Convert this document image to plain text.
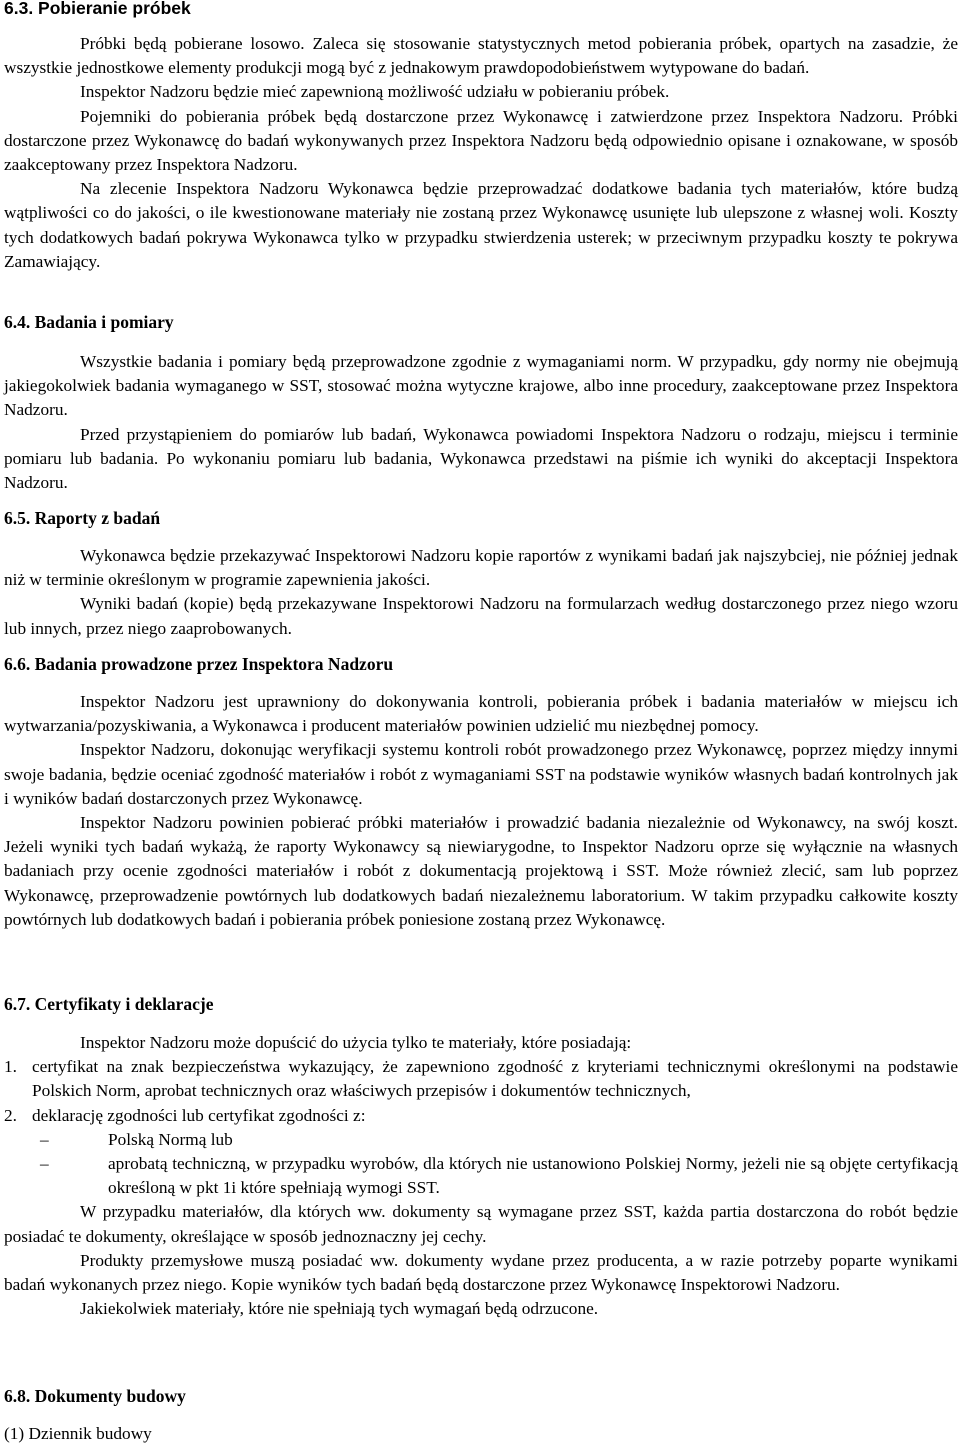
6.3. Pobieranie próbek

Próbki będą pobierane losowo. Zaleca się stosowanie statystycznych metod pobierania próbek, opartych na zasadzie, że wszystkie jednostkowe elementy produkcji mogą być z jednakowym prawdopodobieństwem wytypowane do badań.

Inspektor Nadzoru będzie mieć zapewnioną możliwość udziału w pobieraniu próbek.

Pojemniki do pobierania próbek będą dostarczone przez Wykonawcę i zatwierdzone przez Inspektora Nadzoru. Próbki dostarczone przez Wykonawcę do badań wykonywanych przez Inspektora Nadzoru będą odpowiednio opisane i oznakowane, w sposób zaakceptowany przez Inspektora Nadzoru.

Na zlecenie Inspektora Nadzoru Wykonawca będzie przeprowadzać dodatkowe badania tych materiałów, które budzą wątpliwości co do jakości, o ile kwestionowane materiały nie zostaną przez Wykonawcę usunięte lub ulepszone z własnej woli. Koszty tych dodatkowych badań pokrywa Wykonawca tylko w przypadku stwierdzenia usterek; w przeciwnym przypadku koszty te pokrywa Zamawiający.

6.4. Badania i pomiary

Wszystkie badania i pomiary będą przeprowadzone zgodnie z wymaganiami norm. W przypadku, gdy normy nie obejmują jakiegokolwiek badania wymaganego w SST, stosować można wytyczne krajowe, albo inne procedury, zaakceptowane przez Inspektora Nadzoru.

Przed przystąpieniem do pomiarów lub badań, Wykonawca powiadomi Inspektora Nadzoru o rodzaju, miejscu i terminie pomiaru lub badania. Po wykonaniu pomiaru lub badania, Wykonawca przedstawi na piśmie ich wyniki do akceptacji Inspektora Nadzoru.

6.5. Raporty z badań

Wykonawca będzie przekazywać Inspektorowi Nadzoru kopie raportów z wynikami badań jak najszybciej, nie później jednak niż w terminie określonym w programie zapewnienia jakości.

Wyniki badań (kopie) będą przekazywane Inspektorowi Nadzoru na formularzach według dostarczonego przez niego wzoru lub innych, przez niego zaaprobowanych.

6.6. Badania prowadzone przez Inspektora Nadzoru

Inspektor Nadzoru jest uprawniony do dokonywania kontroli, pobierania próbek i badania materiałów w miejscu ich wytwarzania/pozyskiwania, a Wykonawca i producent materiałów powinien udzielić mu niezbędnej pomocy.

Inspektor Nadzoru, dokonując weryfikacji systemu kontroli robót prowadzonego przez Wykonawcę, poprzez między innymi swoje badania, będzie oceniać zgodność materiałów i robót z wymaganiami SST na podstawie wyników własnych badań kontrolnych jak i wyników badań dostarczonych przez Wykonawcę.

Inspektor Nadzoru powinien pobierać próbki materiałów i prowadzić badania niezależnie od Wykonawcy, na swój koszt. Jeżeli wyniki tych badań wykażą, że raporty Wykonawcy są niewiarygodne, to Inspektor Nadzoru oprze się wyłącznie na własnych badaniach przy ocenie zgodności materiałów i robót z dokumentacją projektową i SST. Może również zlecić, sam lub poprzez Wykonawcę, przeprowadzenie powtórnych lub dodatkowych badań niezależnemu laboratorium. W takim przypadku całkowite koszty powtórnych lub dodatkowych badań i pobierania próbek poniesione zostaną przez Wykonawcę.

6.7. Certyfikaty i deklaracje

Inspektor Nadzoru może dopuścić do użycia tylko te materiały, które posiadają:

1. certyfikat na znak bezpieczeństwa wykazujący, że zapewniono zgodność z kryteriami technicznymi określonymi na podstawie Polskich Norm, aprobat technicznych oraz właściwych przepisów i dokumentów technicznych,
2. deklarację zgodności lub certyfikat zgodności z:
–	Polską Normą lub
–	aprobatą techniczną, w przypadku wyrobów, dla których nie ustanowiono Polskiej Normy, jeżeli nie są objęte certyfikacją określoną w pkt 1i które spełniają wymogi SST.

W przypadku materiałów, dla których ww. dokumenty są wymagane przez SST, każda partia dostarczona do robót będzie posiadać te dokumenty, określające w sposób jednoznaczny jej cechy.

Produkty przemysłowe muszą posiadać ww. dokumenty wydane przez producenta, a w razie potrzeby poparte wynikami badań wykonanych przez niego. Kopie wyników tych badań będą dostarczone przez Wykonawcę Inspektorowi Nadzoru.

Jakiekolwiek materiały, które nie spełniają tych wymagań będą odrzucone.

6.8. Dokumenty budowy

(1) Dziennik budowy
